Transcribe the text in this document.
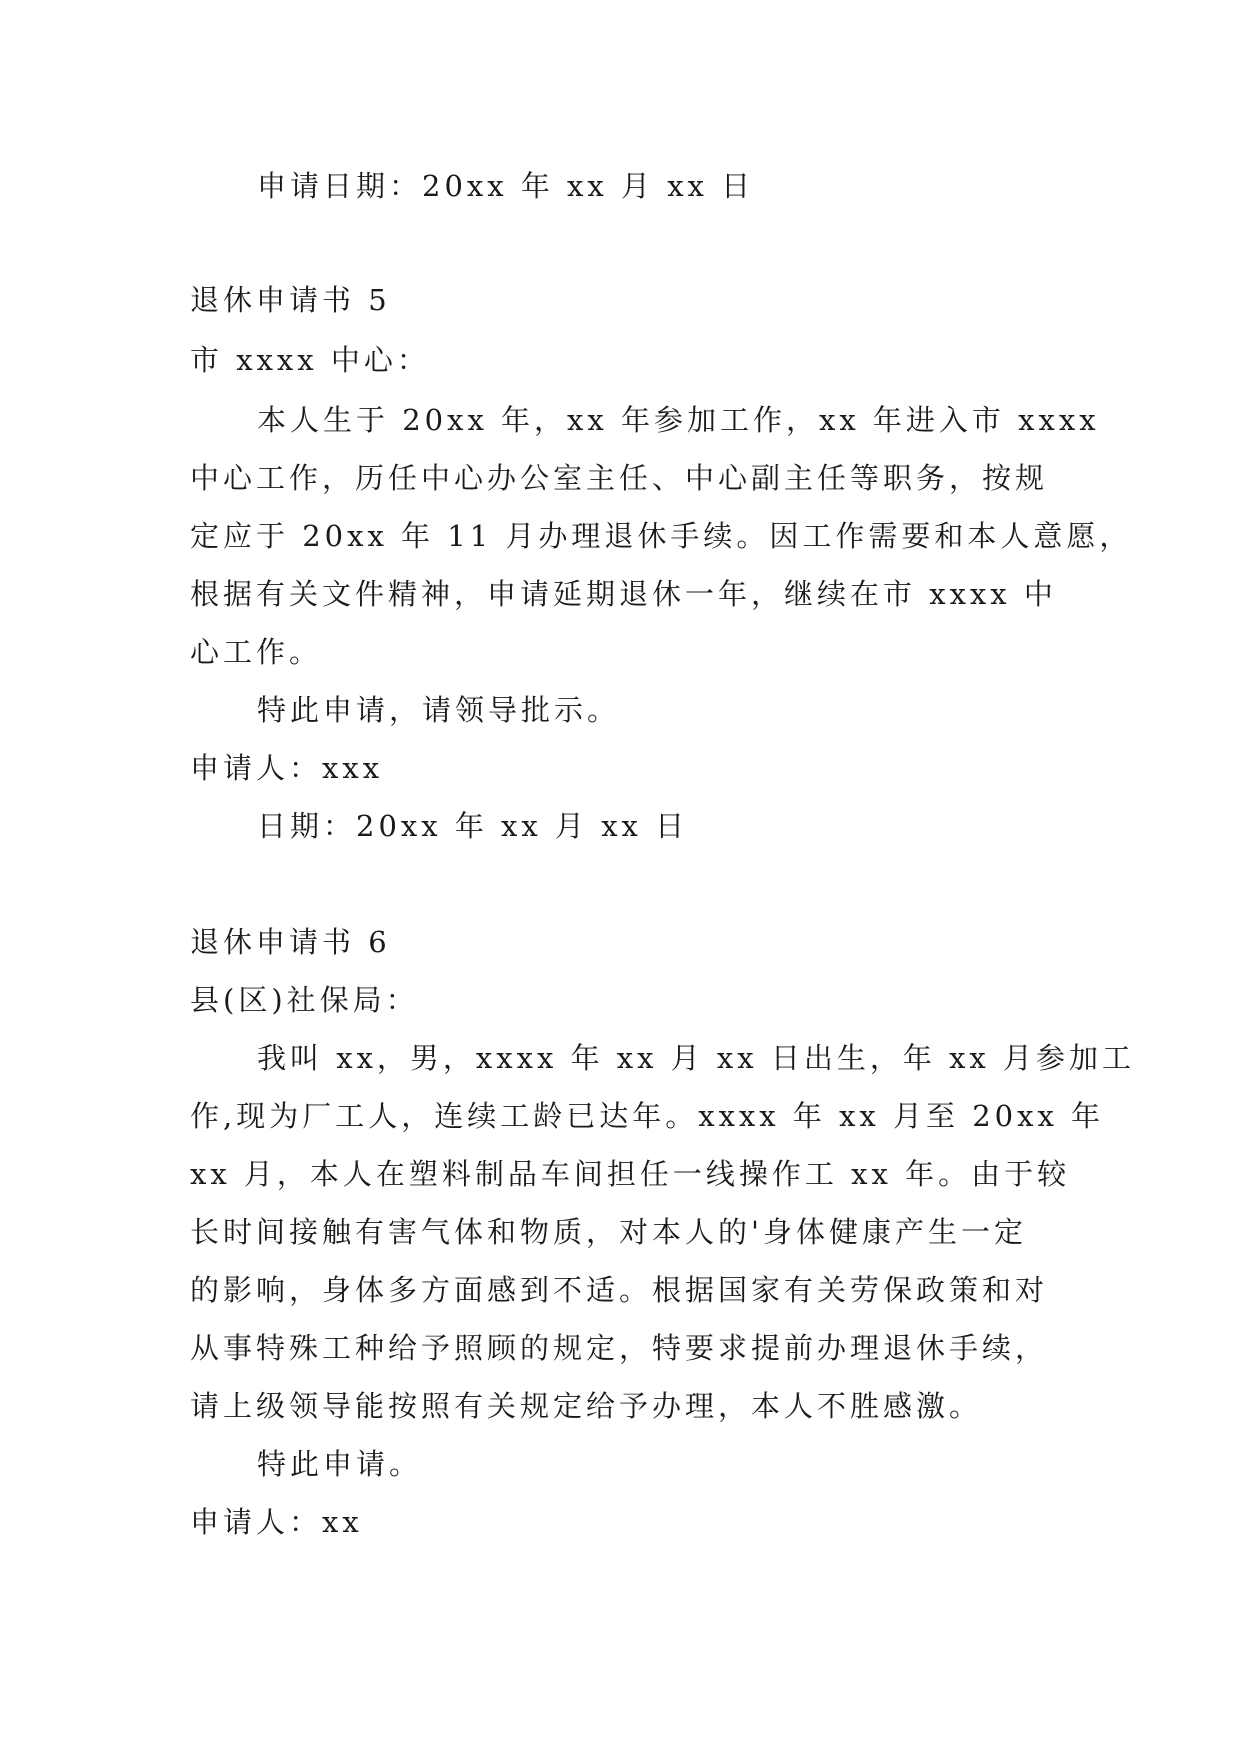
申请日期：20xx 年 xx 月 xx 日
退休申请书 5
市 xxxx 中心：
本人生于 20xx 年，xx 年参加工作，xx 年进入市 xxxx
中心工作，历任中心办公室主任、中心副主任等职务，按规
定应于 20xx 年 11 月办理退休手续。因工作需要和本人意愿，
根据有关文件精神，申请延期退休一年，继续在市 xxxx 中
心工作。
特此申请，请领导批示。
申请人：xxx
日期：20xx 年 xx 月 xx 日
退休申请书 6
县(区)社保局：
我叫 xx，男，xxxx 年 xx 月 xx 日出生，年 xx 月参加工
作,现为厂工人，连续工龄已达年。xxxx 年 xx 月至 20xx 年
xx 月，本人在塑料制品车间担任一线操作工 xx 年。由于较
长时间接触有害气体和物质，对本人的'身体健康产生一定
的影响，身体多方面感到不适。根据国家有关劳保政策和对
从事特殊工种给予照顾的规定，特要求提前办理退休手续，
请上级领导能按照有关规定给予办理，本人不胜感激。
特此申请。
申请人：xx
